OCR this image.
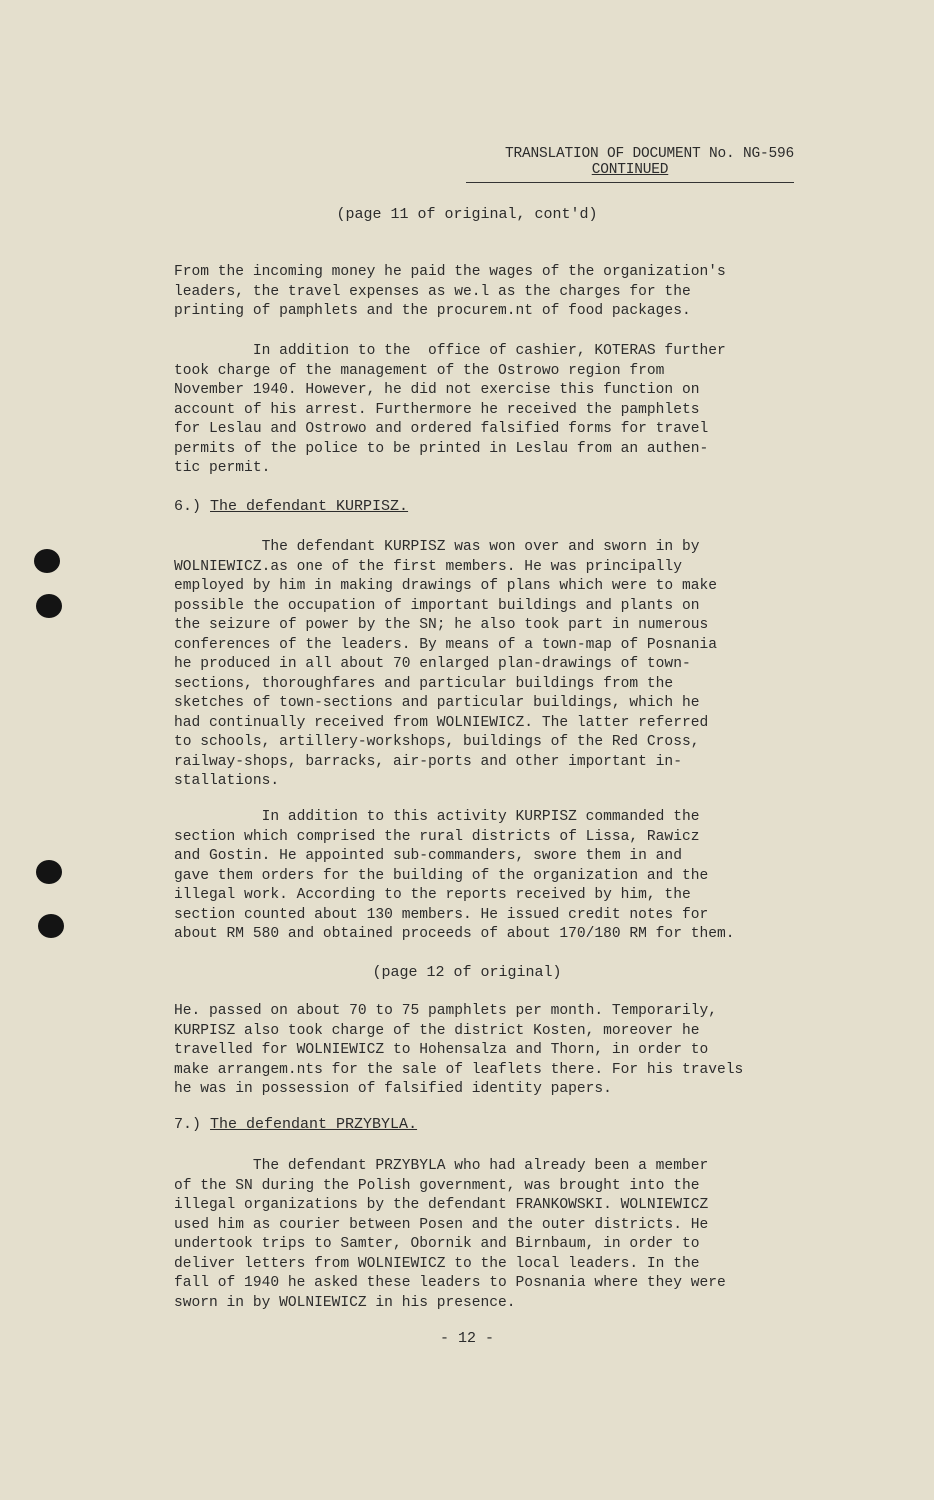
TRANSLATION OF DOCUMENT No. NG-596
CONTINUED
(page 11 of original, cont'd)
From the incoming money he paid the wages of the organization's
leaders, the travel expenses as we.l as the charges for the
printing of pamphlets and the procurem.nt of food packages.
In addition to the  office of cashier, KOTERAS further
took charge of the management of the Ostrowo region from
November 1940. However, he did not exercise this function on
account of his arrest. Furthermore he received the pamphlets
for Leslau and Ostrowo and ordered falsified forms for travel
permits of the police to be printed in Leslau from an authen-
tic permit.
6.) The defendant KURPISZ.
The defendant KURPISZ was won over and sworn in by
WOLNIEWICZ.as one of the first members. He was principally
employed by him in making drawings of plans which were to make
possible the occupation of important buildings and plants on
the seizure of power by the SN; he also took part in numerous
conferences of the leaders. By means of a town-map of Posnania
he produced in all about 70 enlarged plan-drawings of town-
sections, thoroughfares and particular buildings from the
sketches of town-sections and particular buildings, which he
had continually received from WOLNIEWICZ. The latter referred
to schools, artillery-workshops, buildings of the Red Cross,
railway-shops, barracks, air-ports and other important in-
stallations.
In addition to this activity KURPISZ commanded the
section which comprised the rural districts of Lissa, Rawicz
and Gostin. He appointed sub-commanders, swore them in and
gave them orders for the building of the organization and the
illegal work. According to the reports received by him, the
section counted about 130 members. He issued credit notes for
about RM 580 and obtained proceeds of about 170/180 RM for them.
(page 12 of original)
He. passed on about 70 to 75 pamphlets per month. Temporarily,
KURPISZ also took charge of the district Kosten, moreover he
travelled for WOLNIEWICZ to Hohensalza and Thorn, in order to
make arrangem.nts for the sale of leaflets there. For his travels
he was in possession of falsified identity papers.
7.) The defendant PRZYBYLA.
The defendant PRZYBYLA who had already been a member
of the SN during the Polish government, was brought into the
illegal organizations by the defendant FRANKOWSKI. WOLNIEWICZ
used him as courier between Posen and the outer districts. He
undertook trips to Samter, Obornik and Birnbaum, in order to
deliver letters from WOLNIEWICZ to the local leaders. In the
fall of 1940 he asked these leaders to Posnania where they were
sworn in by WOLNIEWICZ in his presence.
- 12 -
